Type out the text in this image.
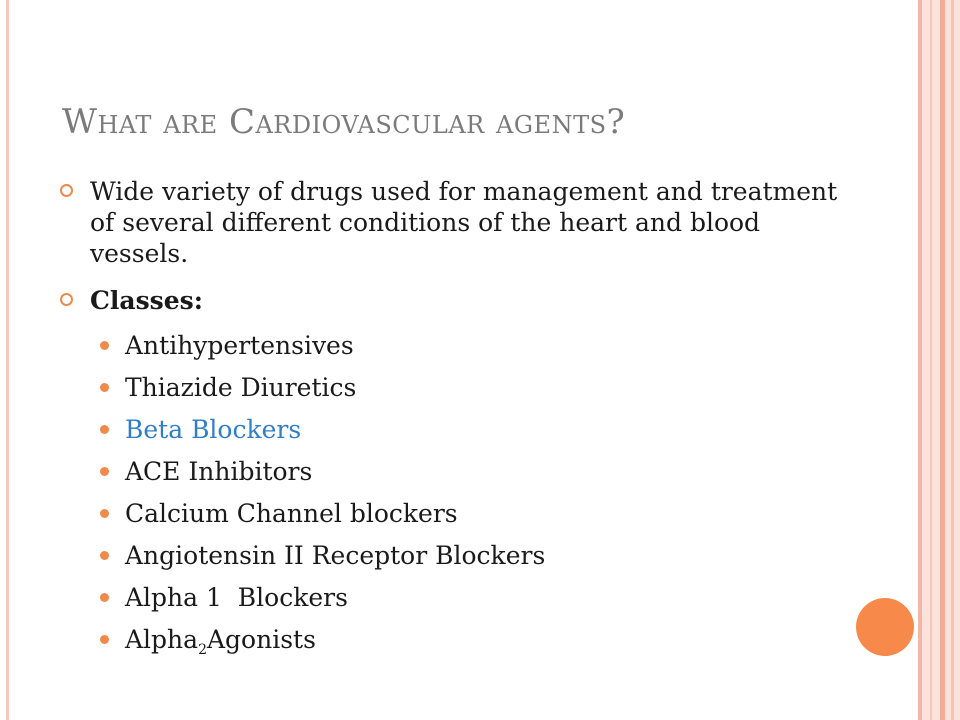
What are Cardiovascular agents?
Wide variety of drugs used for management and treatment of several different conditions of the heart and blood vessels.
Classes:
Antihypertensives
Thiazide Diuretics
Beta Blockers
ACE Inhibitors
Calcium Channel blockers
Angiotensin II Receptor Blockers
Alpha 1  Blockers
Alpha$_2$Agonists
